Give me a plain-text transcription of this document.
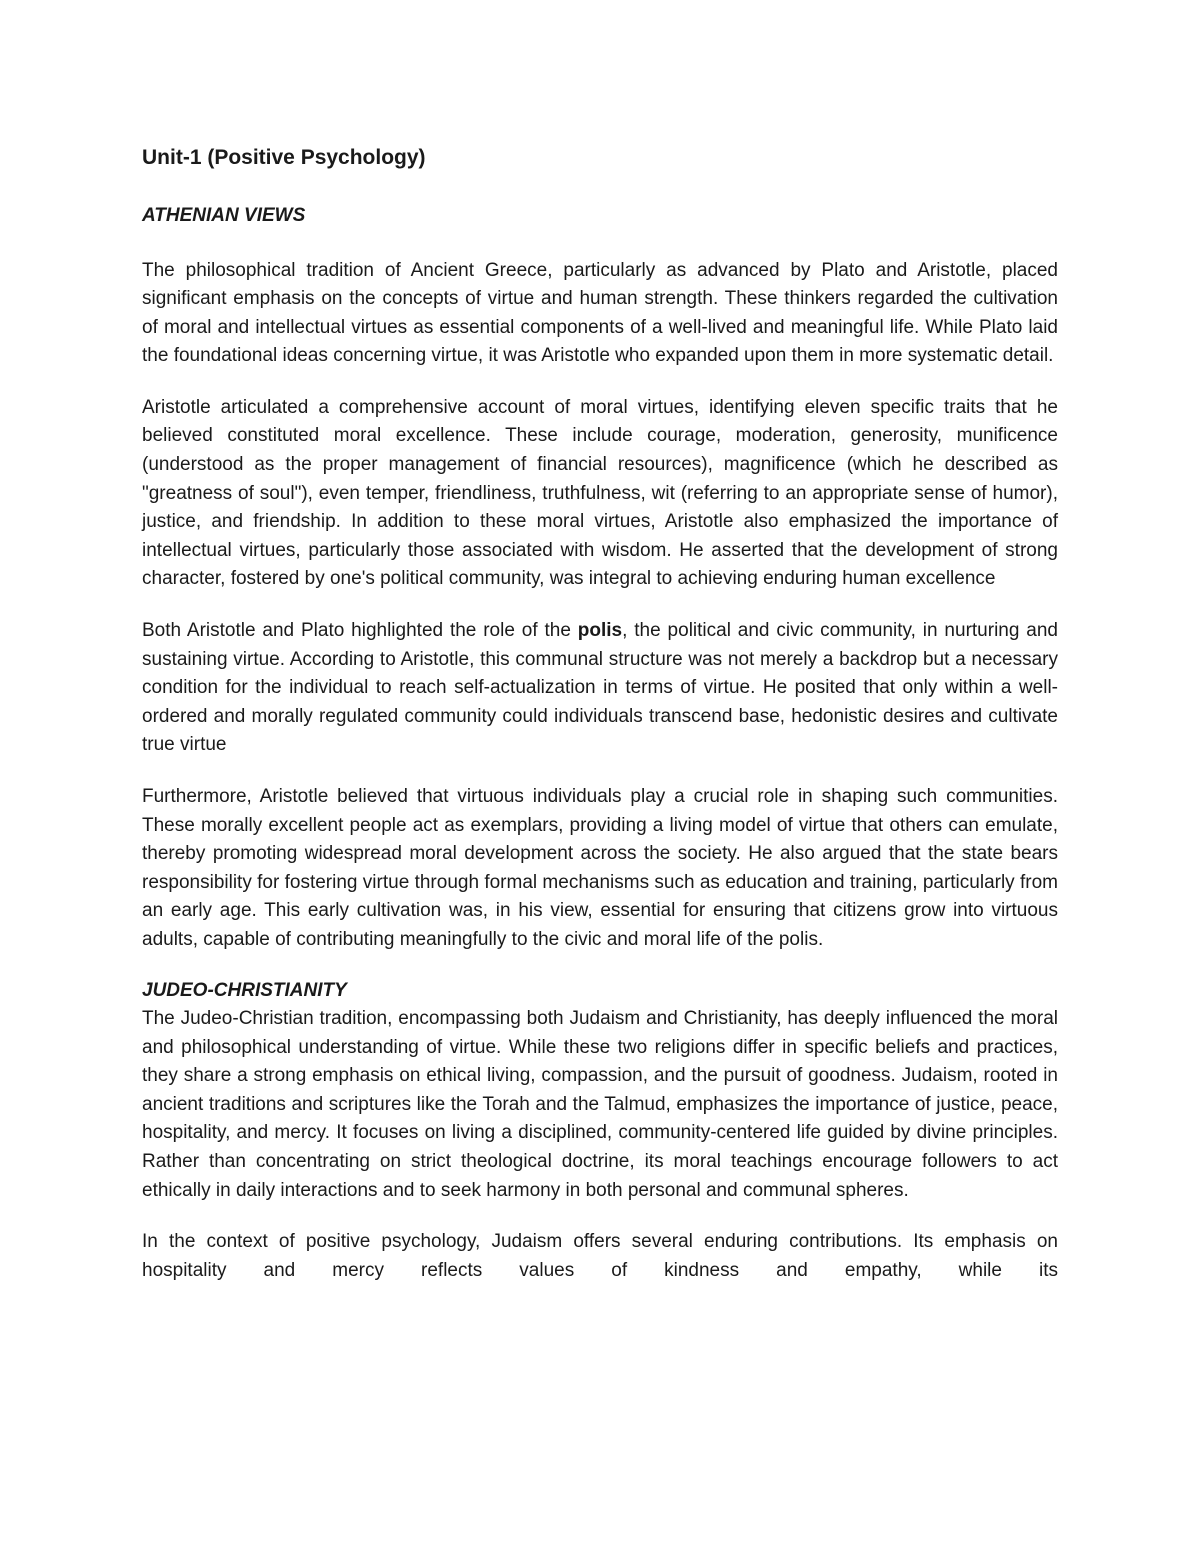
Unit-1 (Positive Psychology)
ATHENIAN VIEWS

The philosophical tradition of Ancient Greece, particularly as advanced by Plato and Aristotle, placed significant emphasis on the concepts of virtue and human strength. These thinkers regarded the cultivation of moral and intellectual virtues as essential components of a well-lived and meaningful life. While Plato laid the foundational ideas concerning virtue, it was Aristotle who expanded upon them in more systematic detail.

Aristotle articulated a comprehensive account of moral virtues, identifying eleven specific traits that he believed constituted moral excellence. These include courage, moderation, generosity, munificence (understood as the proper management of financial resources), magnificence (which he described as "greatness of soul"), even temper, friendliness, truthfulness, wit (referring to an appropriate sense of humor), justice, and friendship. In addition to these moral virtues, Aristotle also emphasized the importance of intellectual virtues, particularly those associated with wisdom. He asserted that the development of strong character, fostered by one's political community, was integral to achieving enduring human excellence

Both Aristotle and Plato highlighted the role of the polis, the political and civic community, in nurturing and sustaining virtue. According to Aristotle, this communal structure was not merely a backdrop but a necessary condition for the individual to reach self-actualization in terms of virtue. He posited that only within a well-ordered and morally regulated community could individuals transcend base, hedonistic desires and cultivate true virtue

Furthermore, Aristotle believed that virtuous individuals play a crucial role in shaping such communities. These morally excellent people act as exemplars, providing a living model of virtue that others can emulate, thereby promoting widespread moral development across the society. He also argued that the state bears responsibility for fostering virtue through formal mechanisms such as education and training, particularly from an early age. This early cultivation was, in his view, essential for ensuring that citizens grow into virtuous adults, capable of contributing meaningfully to the civic and moral life of the polis.

JUDEO-CHRISTIANITY

The Judeo-Christian tradition, encompassing both Judaism and Christianity, has deeply influenced the moral and philosophical understanding of virtue. While these two religions differ in specific beliefs and practices, they share a strong emphasis on ethical living, compassion, and the pursuit of goodness. Judaism, rooted in ancient traditions and scriptures like the Torah and the Talmud, emphasizes the importance of justice, peace, hospitality, and mercy. It focuses on living a disciplined, community-centered life guided by divine principles. Rather than concentrating on strict theological doctrine, its moral teachings encourage followers to act ethically in daily interactions and to seek harmony in both personal and communal spheres.

In the context of positive psychology, Judaism offers several enduring contributions. Its emphasis on hospitality and mercy reflects values of kindness and empathy, while its
